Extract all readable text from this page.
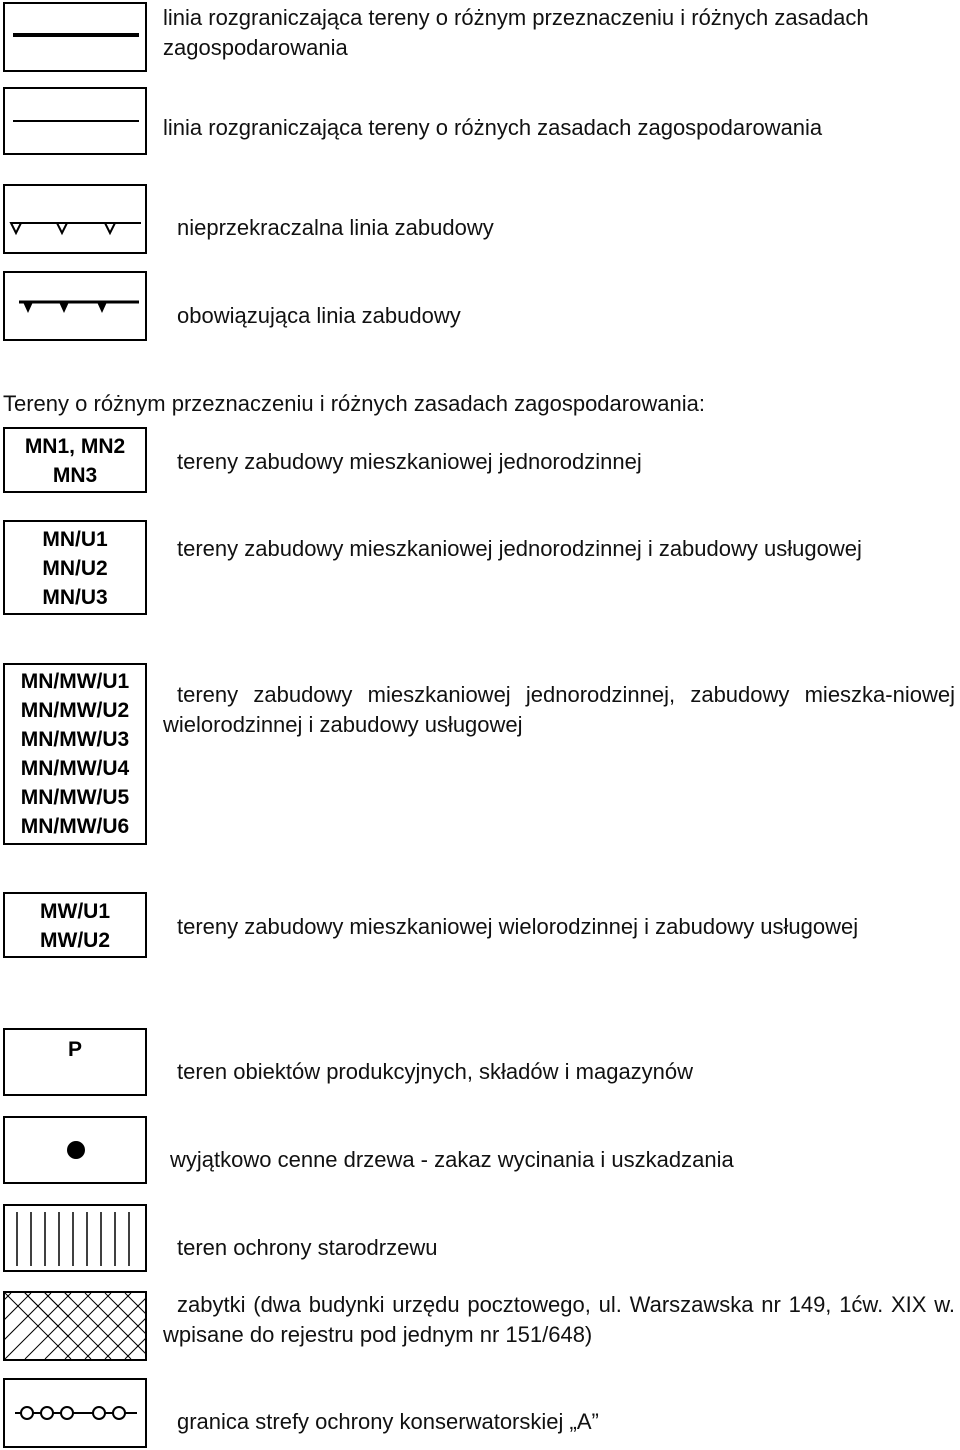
linia rozgraniczająca tereny o różnym przeznaczeniu i różnych zasadach zagospodarowania
linia rozgraniczająca tereny o różnych zasadach zagospodarowania
nieprzekraczalna linia zabudowy
obowiązująca linia zabudowy
Tereny o różnym przeznaczeniu i różnych zasadach zagospodarowania:
MN1, MN2
MN3
tereny zabudowy mieszkaniowej jednorodzinnej
MN/U1
MN/U2
MN/U3
tereny zabudowy mieszkaniowej jednorodzinnej i zabudowy usługowej
MN/MW/U1
MN/MW/U2
MN/MW/U3
MN/MW/U4
MN/MW/U5
MN/MW/U6
tereny zabudowy mieszkaniowej jednorodzinnej, zabudowy mieszka-niowej wielorodzinnej i zabudowy usługowej
MW/U1
MW/U2
tereny zabudowy mieszkaniowej wielorodzinnej i zabudowy usługowej
P
teren obiektów produkcyjnych, składów i magazynów
wyjątkowo cenne drzewa - zakaz wycinania i uszkadzania
teren ochrony starodrzewu
zabytki (dwa budynki urzędu pocztowego, ul. Warszawska nr 149, 1ćw. XIX w. wpisane do rejestru pod jednym nr 151/648)
granica strefy ochrony konserwatorskiej „A”
